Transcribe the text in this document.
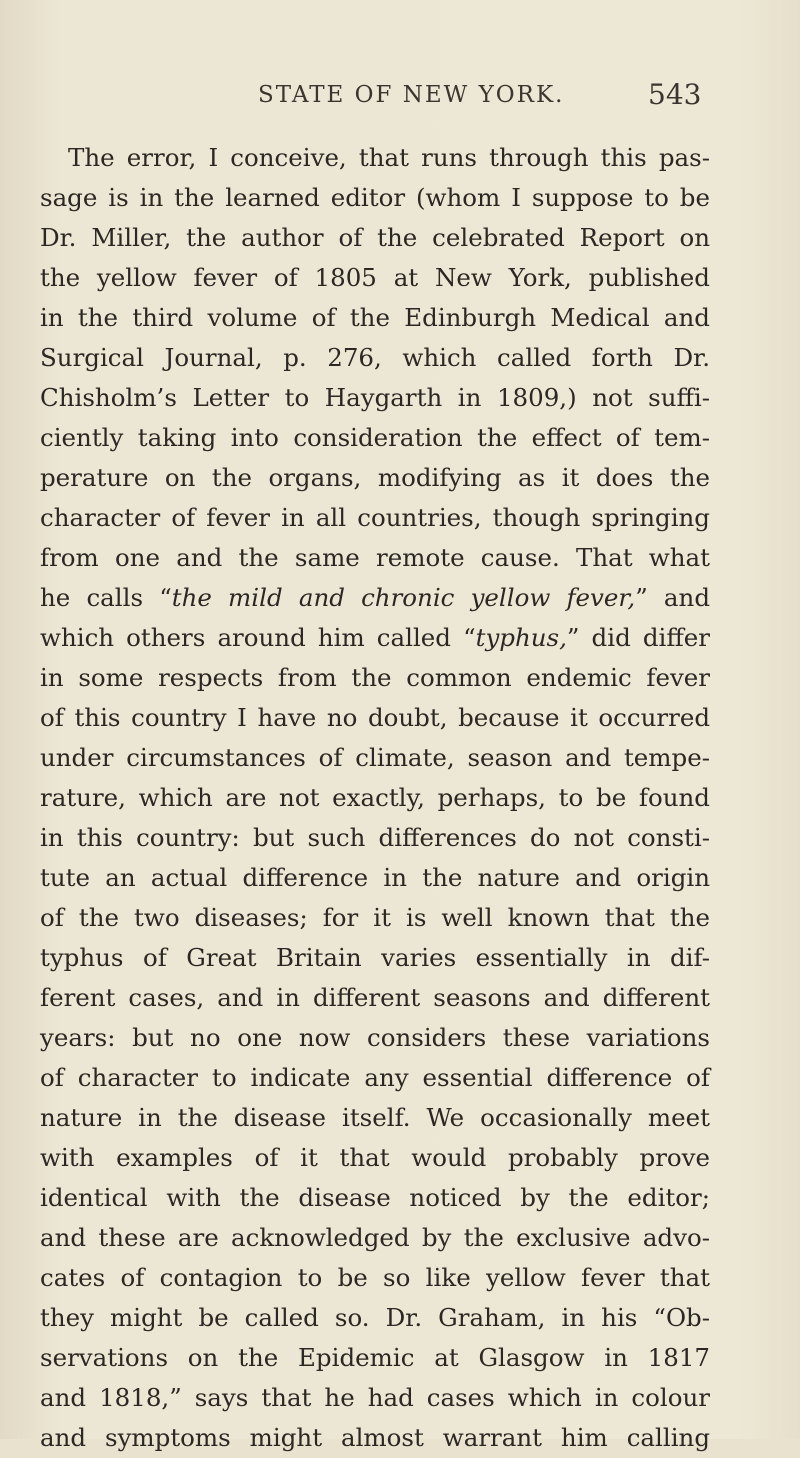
STATE OF NEW YORK.	543
The error, I conceive, that runs through this pas-
sage is in the learned editor (whom I suppose to be
Dr. Miller, the author of the celebrated Report on
the yellow fever of 1805 at New York, published
in the third volume of the Edinburgh Medical and
Surgical Journal, p. 276, which called forth Dr.
Chisholm’s Letter to Haygarth in 1809,) not suffi-
ciently taking into consideration the effect of tem-
perature on the organs, modifying as it does the
character of fever in all countries, though springing
from one and the same remote cause. That what
he calls “the mild and chronic yellow fever,” and
which others around him called “typhus,” did differ
in some respects from the common endemic fever
of this country I have no doubt, because it occurred
under circumstances of climate, season and tempe-
rature, which are not exactly, perhaps, to be found
in this country: but such differences do not consti-
tute an actual difference in the nature and origin
of the two diseases; for it is well known that the
typhus of Great Britain varies essentially in dif-
ferent cases, and in different seasons and different
years: but no one now considers these variations
of character to indicate any essential difference of
nature in the disease itself. We occasionally meet
with examples of it that would probably prove
identical with the disease noticed by the editor;
and these are acknowledged by the exclusive advo-
cates of contagion to be so like yellow fever that
they might be called so. Dr. Graham, in his “Ob-
servations on the Epidemic at Glasgow in 1817
and 1818,” says that he had cases which in colour
and symptoms might almost warrant him calling
